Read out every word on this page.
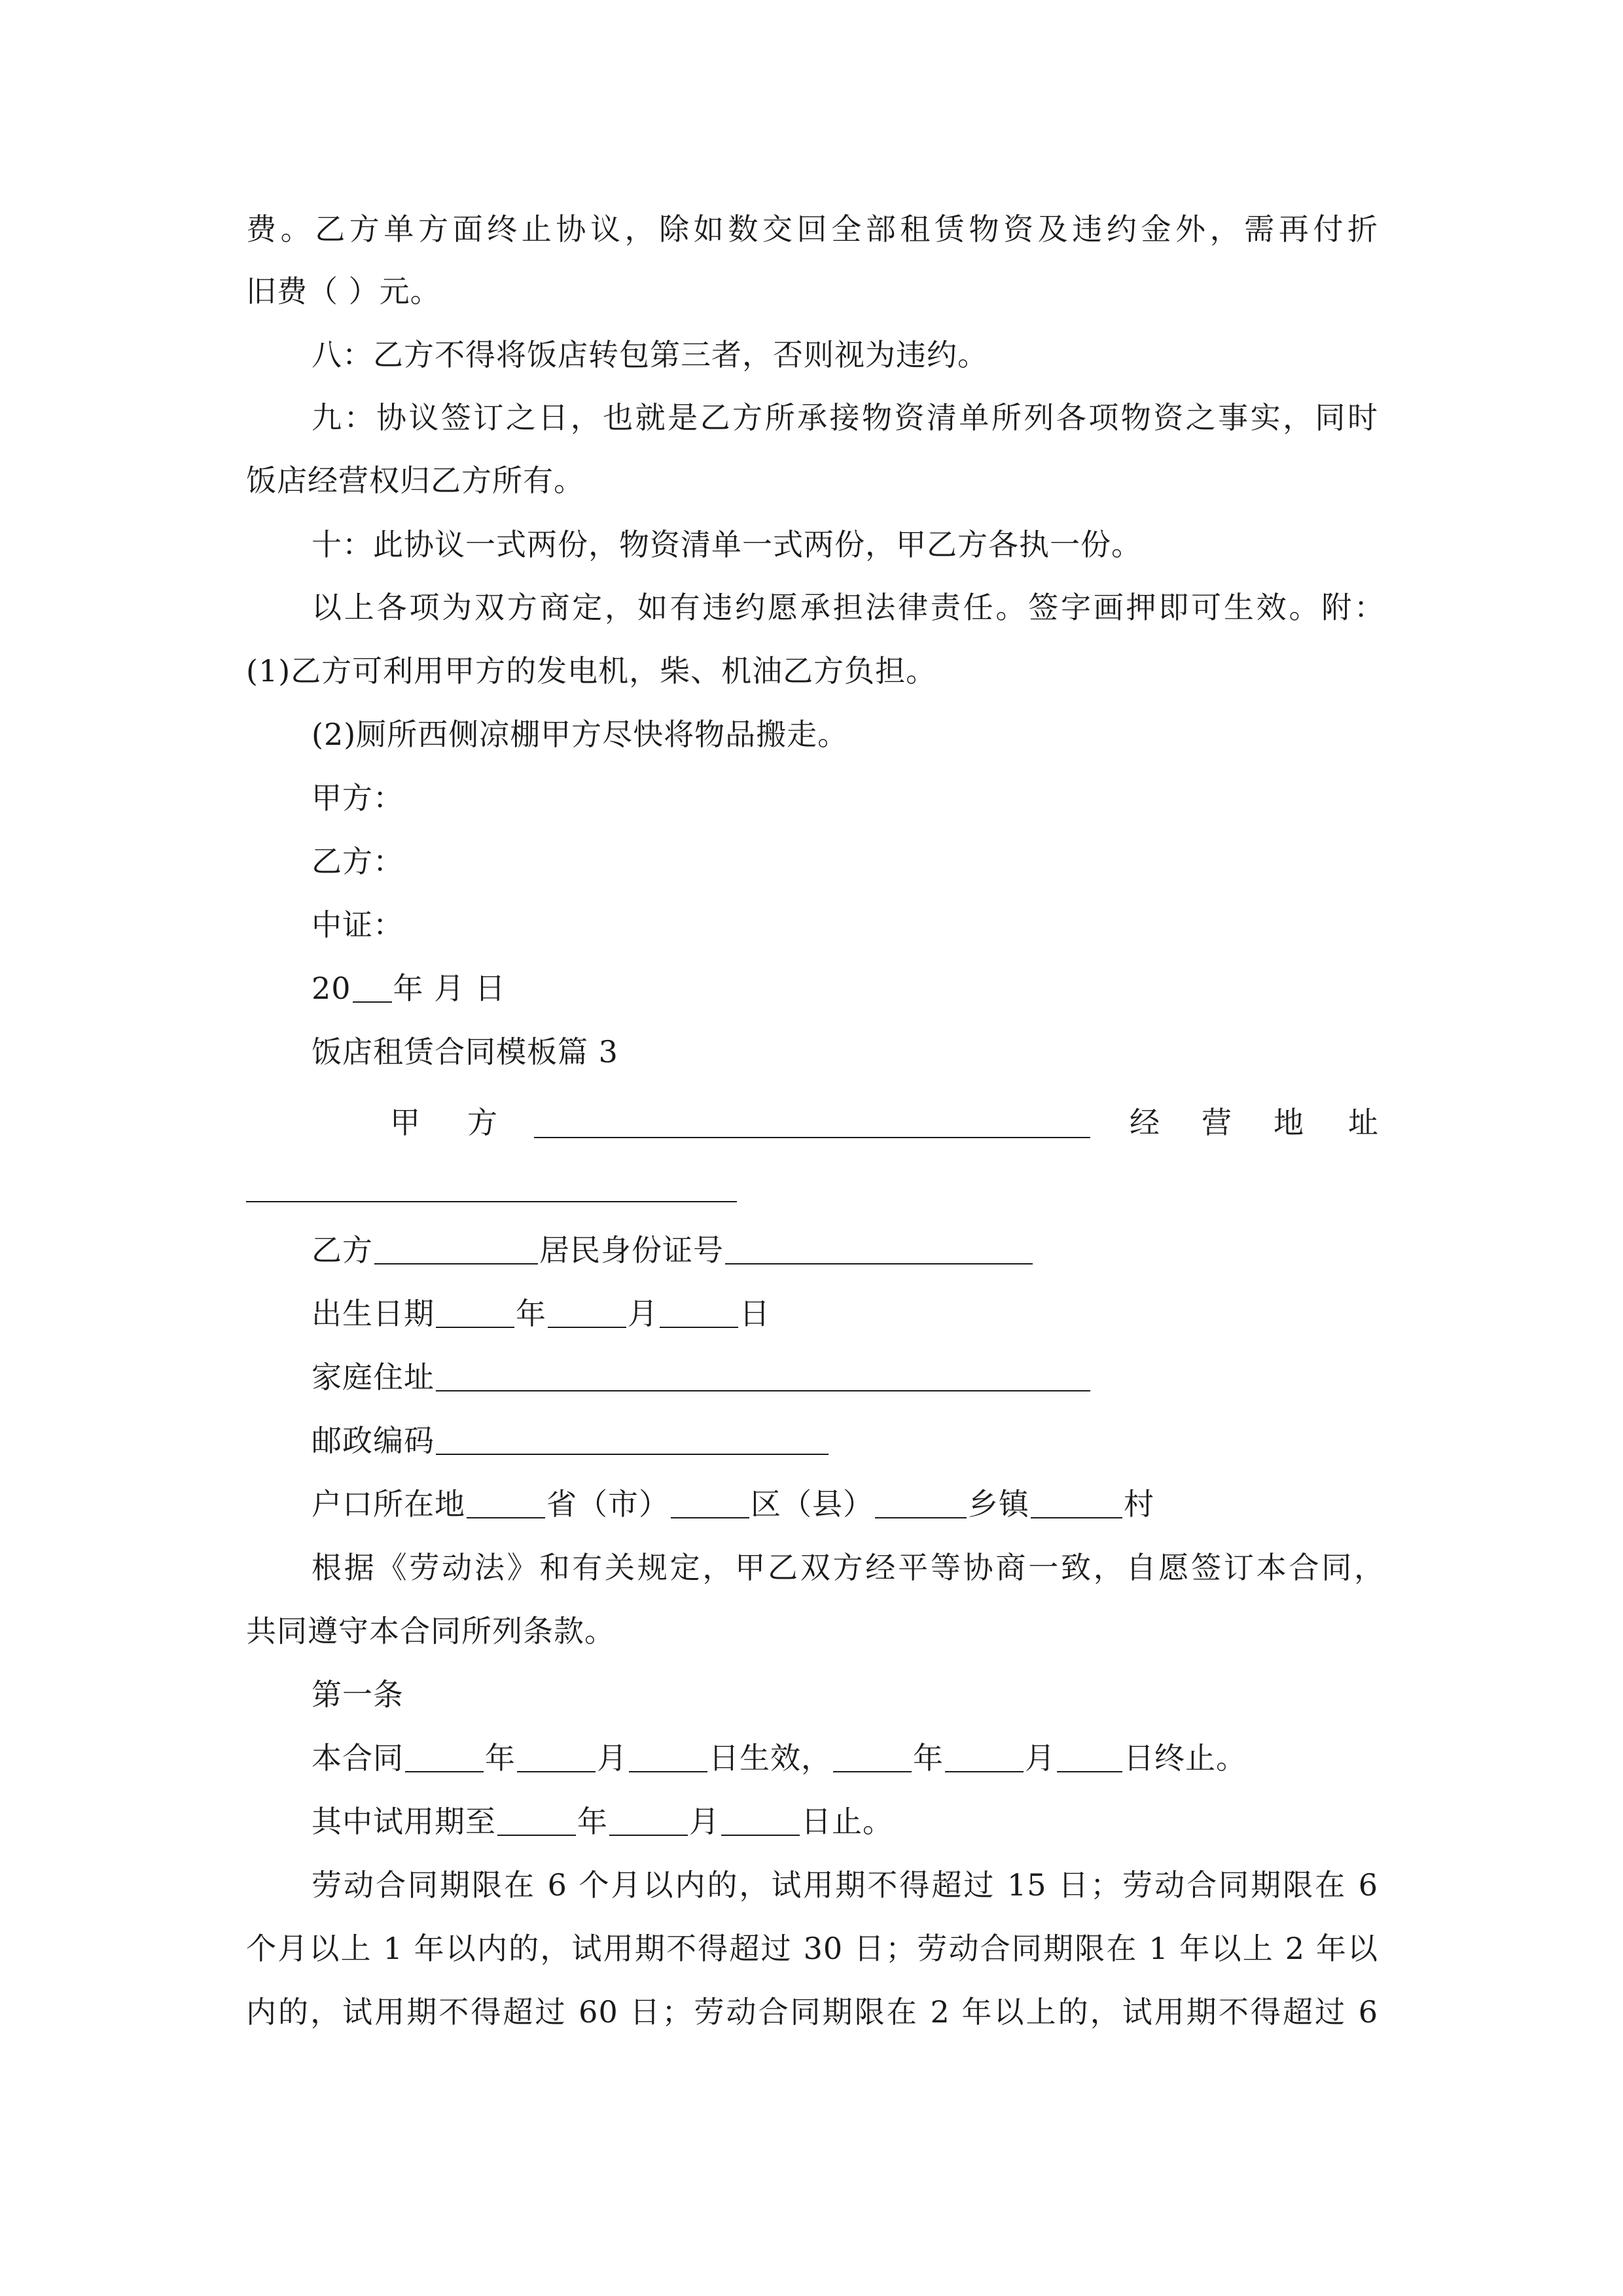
费。乙方单方面终止协议，除如数交回全部租赁物资及违约金外，需再付折
旧费（ ）元。
八：乙方不得将饭店转包第三者，否则视为违约。
九：协议签订之日，也就是乙方所承接物资清单所列各项物资之事实，同时
饭店经营权归乙方所有。
十：此协议一式两份，物资清单一式两份，甲乙方各执一份。
以上各项为双方商定，如有违约愿承担法律责任。签字画押即可生效。附：
(1)乙方可利用甲方的发电机，柴、机油乙方负担。
(2)厕所西侧凉棚甲方尽快将物品搬走。
甲方：
乙方：
中证：
20 年 月 日
饭店租赁合同模板篇 3
甲 方	经 营 地 址
乙方	居民身份证号
出生日期	年	月	日
家庭住址
邮政编码
户口所在地	省（市）	区（县）	乡镇	村
根据《劳动法》和有关规定，甲乙双方经平等协商一致，自愿签订本合同，
共同遵守本合同所列条款。
第一条
本合同	年	月	日生效，	年	月 日终止。
其中试用期至	年	月	日止。
劳动合同期限在 6 个月以内的，试用期不得超过 15 日；劳动合同期限在 6
个月以上 1 年以内的，试用期不得超过 30 日；劳动合同期限在 1 年以上 2 年以
内的，试用期不得超过 60 日；劳动合同期限在 2 年以上的，试用期不得超过 6
